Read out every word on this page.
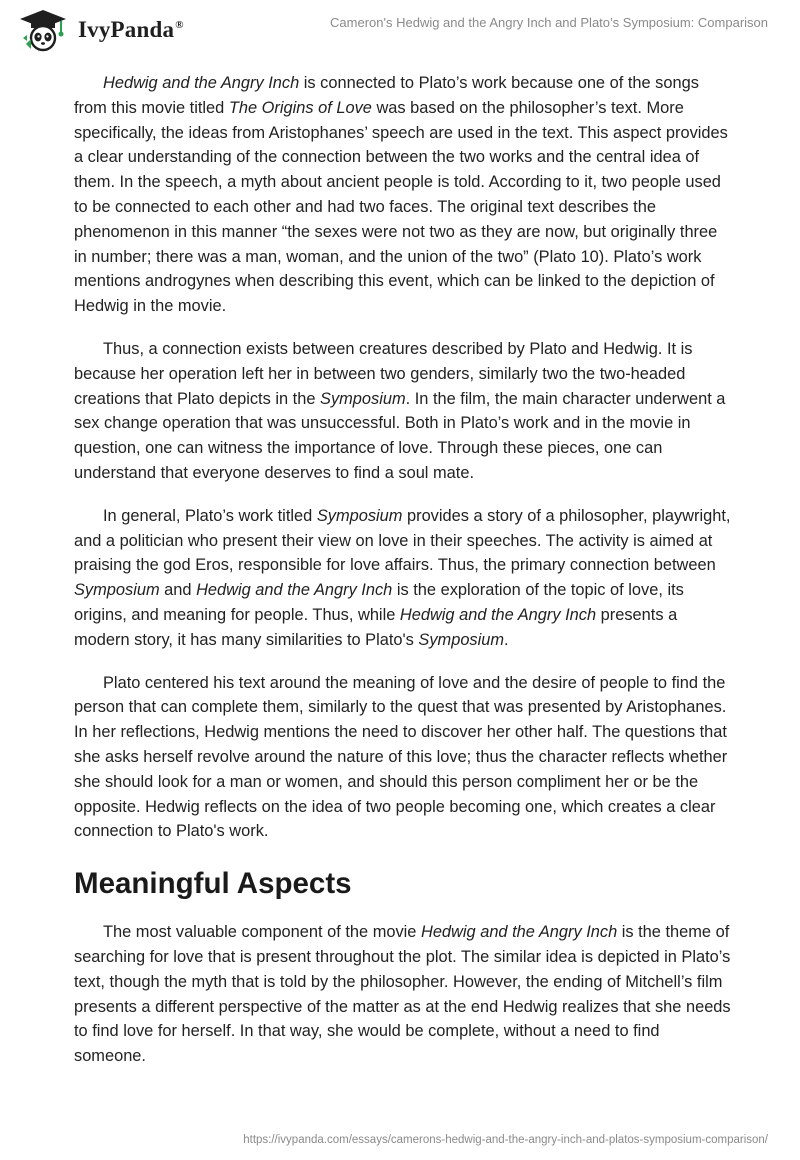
IvyPanda®	Cameron's Hedwig and the Angry Inch and Plato’s Symposium: Comparison

Hedwig and the Angry Inch is connected to Plato’s work because one of the songs from this movie titled The Origins of Love was based on the philosopher’s text. More specifically, the ideas from Aristophanes’ speech are used in the text. This aspect provides a clear understanding of the connection between the two works and the central idea of them. In the speech, a myth about ancient people is told. According to it, two people used to be connected to each other and had two faces. The original text describes the phenomenon in this manner “the sexes were not two as they are now, but originally three in number; there was a man, woman, and the union of the two” (Plato 10). Plato’s work mentions androgynes when describing this event, which can be linked to the depiction of Hedwig in the movie.

Thus, a connection exists between creatures described by Plato and Hedwig. It is because her operation left her in between two genders, similarly two the two-headed creations that Plato depicts in the Symposium. In the film, the main character underwent a sex change operation that was unsuccessful. Both in Plato’s work and in the movie in question, one can witness the importance of love. Through these pieces, one can understand that everyone deserves to find a soul mate.

In general, Plato’s work titled Symposium provides a story of a philosopher, playwright, and a politician who present their view on love in their speeches. The activity is aimed at praising the god Eros, responsible for love affairs. Thus, the primary connection between Symposium and Hedwig and the Angry Inch is the exploration of the topic of love, its origins, and meaning for people. Thus, while Hedwig and the Angry Inch presents a modern story, it has many similarities to Plato's Symposium.

Plato centered his text around the meaning of love and the desire of people to find the person that can complete them, similarly to the quest that was presented by Aristophanes. In her reflections, Hedwig mentions the need to discover her other half. The questions that she asks herself revolve around the nature of this love; thus the character reflects whether she should look for a man or women, and should this person compliment her or be the opposite. Hedwig reflects on the idea of two people becoming one, which creates a clear connection to Plato's work.

Meaningful Aspects

The most valuable component of the movie Hedwig and the Angry Inch is the theme of searching for love that is present throughout the plot. The similar idea is depicted in Plato’s text, though the myth that is told by the philosopher. However, the ending of Mitchell’s film presents a different perspective of the matter as at the end Hedwig realizes that she needs to find love for herself. In that way, she would be complete, without a need to find someone.

https://ivypanda.com/essays/camerons-hedwig-and-the-angry-inch-and-platos-symposium-comparison/
